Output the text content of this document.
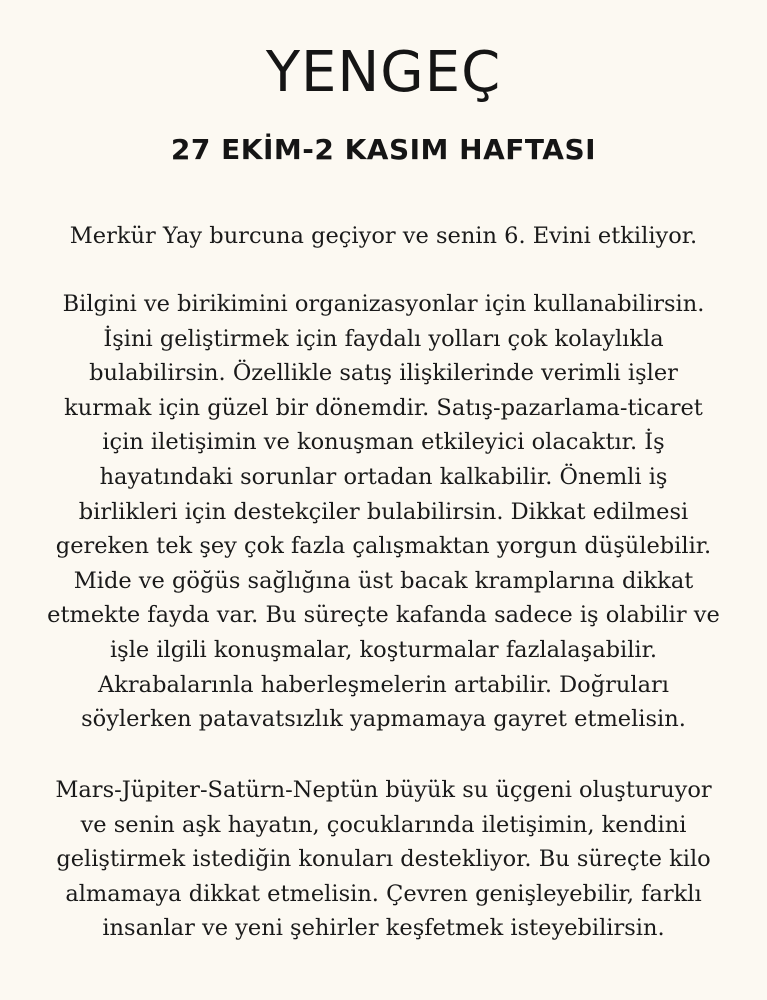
YENGEÇ
27 EKİM-2 KASIM HAFTASI

Merkür Yay burcuna geçiyor ve senin 6. Evini etkiliyor.

Bilgini ve birikimini organizasyonlar için kullanabilirsin.
İşini geliştirmek için faydalı yolları çok kolaylıkla
bulabilirsin. Özellikle satış ilişkilerinde verimli işler
kurmak için güzel bir dönemdir. Satış-pazarlama-ticaret
için iletişimin ve konuşman etkileyici olacaktır. İş
hayatındaki sorunlar ortadan kalkabilir. Önemli iş
birlikleri için destekçiler bulabilirsin. Dikkat edilmesi
gereken tek şey çok fazla çalışmaktan yorgun düşülebilir.
Mide ve göğüs sağlığına üst bacak kramplarına dikkat
etmekte fayda var. Bu süreçte kafanda sadece iş olabilir ve
işle ilgili konuşmalar, koşturmalar fazlalaşabilir.
Akrabalarınla haberleşmelerin artabilir. Doğruları
söylerken patavatsızlık yapmamaya gayret etmelisin.

Mars-Jüpiter-Satürn-Neptün büyük su üçgeni oluşturuyor
ve senin aşk hayatın, çocuklarında iletişimin, kendini
geliştirmek istediğin konuları destekliyor. Bu süreçte kilo
almamaya dikkat etmelisin. Çevren genişleyebilir, farklı
insanlar ve yeni şehirler keşfetmek isteyebilirsin.
